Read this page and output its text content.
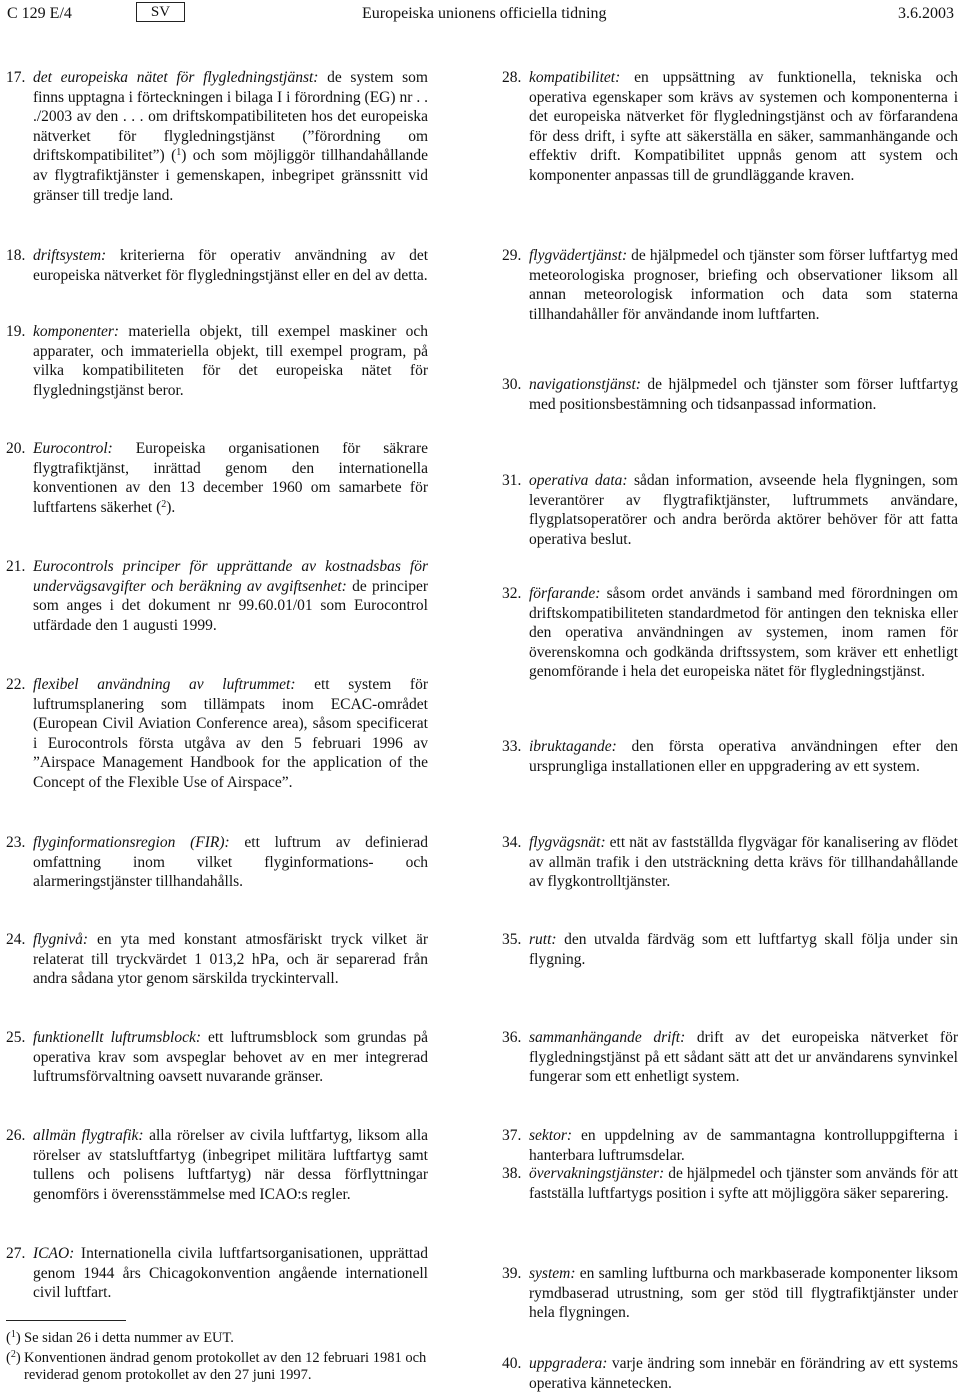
C 129 E/4	SV	Europeiska unionens officiella tidning	3.6.2003

17. det europeiska nätet för flygledningstjänst: de system som finns upptagna i förteckningen i bilaga I i förordning (EG) nr . . ./2003 av den . . . om driftskompatibiliteten hos det europeiska nätverket för flygledningstjänst (”förordning om driftskompatibilitet”) ($^1$) och som möjliggör tillhandahållande av flygtrafiktjänster i gemenskapen, inbegripet gränssnitt vid gränser till tredje land.

18. driftsystem: kriterierna för operativ användning av det europeiska nätverket för flygledningstjänst eller en del av detta.

19. komponenter: materiella objekt, till exempel maskiner och apparater, och immateriella objekt, till exempel program, på vilka kompatibiliteten för det europeiska nätet för flygledningstjänst beror.

20. Eurocontrol: Europeiska organisationen för säkrare flygtrafiktjänst, inrättad genom den internationella konventionen av den 13 december 1960 om samarbete för luftfartens säkerhet ($^2$).

21. Eurocontrols principer för upprättande av kostnadsbas för undervägsavgifter och beräkning av avgiftsenhet: de principer som anges i det dokument nr 99.60.01/01 som Eurocontrol utfärdade den 1 augusti 1999.

22. flexibel användning av luftrummet: ett system för luftrumsplanering som tillämpats inom ECAC-området (European Civil Aviation Conference area), såsom specificerat i Eurocontrols första utgåva av den 5 februari 1996 av ”Airspace Management Handbook for the application of the Concept of the Flexible Use of Airspace”.

23. flyginformationsregion (FIR): ett luftrum av definierad omfattning inom vilket flyginformations- och alarmeringstjänster tillhandahålls.

24. flygnivå: en yta med konstant atmosfäriskt tryck vilket är relaterat till tryckvärdet 1 013,2 hPa, och är separerad från andra sådana ytor genom särskilda tryckintervall.

25. funktionellt luftrumsblock: ett luftrumsblock som grundas på operativa krav som avspeglar behovet av en mer integrerad luftrumsförvaltning oavsett nuvarande gränser.

26. allmän flygtrafik: alla rörelser av civila luftfartyg, liksom alla rörelser av statsluftfartyg (inbegripet militära luftfartyg samt tullens och polisens luftfartyg) när dessa förflyttningar genomförs i överensstämmelse med ICAO:s regler.

27. ICAO: Internationella civila luftfartsorganisationen, upprättad genom 1944 års Chicagokonvention angående internationell civil luftfart.

28. kompatibilitet: en uppsättning av funktionella, tekniska och operativa egenskaper som krävs av systemen och komponenterna i det europeiska nätverket för flygledningstjänst och av förfarandena för dess drift, i syfte att säkerställa en säker, sammanhängande och effektiv drift. Kompatibilitet uppnås genom att system och komponenter anpassas till de grundläggande kraven.

29. flygvädertjänst: de hjälpmedel och tjänster som förser luftfartyg med meteorologiska prognoser, briefing och observationer liksom all annan meteorologisk information och data som staterna tillhandahåller för användande inom luftfarten.

30. navigationstjänst: de hjälpmedel och tjänster som förser luftfartyg med positionsbestämning och tidsanpassad information.

31. operativa data: sådan information, avseende hela flygningen, som leverantörer av flygtrafiktjänster, luftrummets användare, flygplatsoperatörer och andra berörda aktörer behöver för att fatta operativa beslut.

32. förfarande: såsom ordet används i samband med förordningen om driftskompatibiliteten standardmetod för antingen den tekniska eller den operativa användningen av systemen, inom ramen för överenskomna och godkända driftssystem, som kräver ett enhetligt genomförande i hela det europeiska nätet för flygledningstjänst.

33. ibruktagande: den första operativa användningen efter den ursprungliga installationen eller en uppgradering av ett system.

34. flygvägsnät: ett nät av fastställda flygvägar för kanalisering av flödet av allmän trafik i den utsträckning detta krävs för tillhandahållande av flygkontrolltjänster.

35. rutt: den utvalda färdväg som ett luftfartyg skall följa under sin flygning.

36. sammanhängande drift: drift av det europeiska nätverket för flygledningstjänst på ett sådant sätt att det ur användarens synvinkel fungerar som ett enhetligt system.

37. sektor: en uppdelning av de sammantagna kontrolluppgifterna i hanterbara luftrumsdelar.

38. övervakningstjänster: de hjälpmedel och tjänster som används för att fastställa luftfartygs position i syfte att möjliggöra säker separering.

39. system: en samling luftburna och markbaserade komponenter liksom rymdbaserad utrustning, som ger stöd till flygtrafiktjänster under hela flygningen.

40. uppgradera: varje ändring som innebär en förändring av ett systems operativa kännetecken.

($^1$) Se sidan 26 i detta nummer av EUT.
($^2$) Konventionen ändrad genom protokollet av den 12 februari 1981 och reviderad genom protokollet av den 27 juni 1997.
